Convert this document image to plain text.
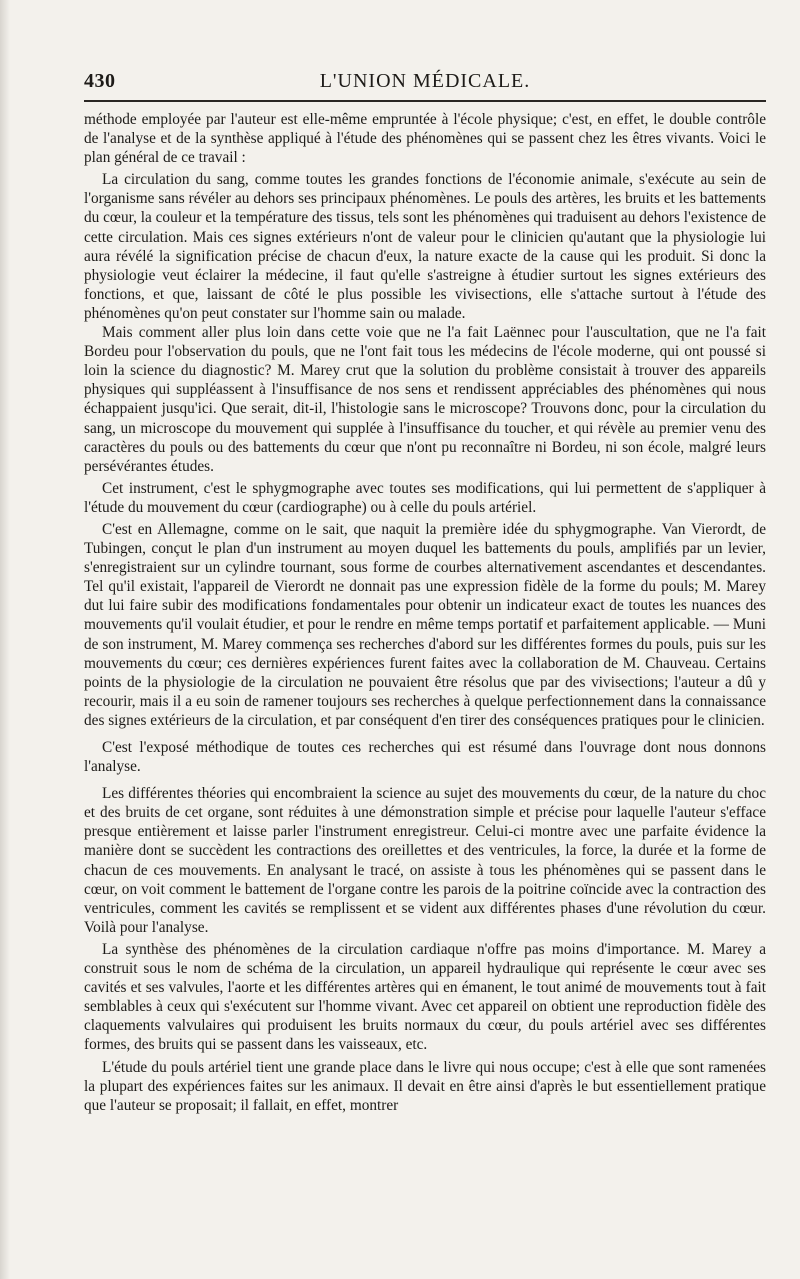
430	L'UNION MÉDICALE.

méthode employée par l'auteur est elle-même empruntée à l'école physique; c'est, en effet, le double contrôle de l'analyse et de la synthèse appliqué à l'étude des phénomènes qui se passent chez les êtres vivants. Voici le plan général de ce travail :

La circulation du sang, comme toutes les grandes fonctions de l'économie animale, s'exécute au sein de l'organisme sans révéler au dehors ses principaux phénomènes. Le pouls des artères, les bruits et les battements du cœur, la couleur et la température des tissus, tels sont les phénomènes qui traduisent au dehors l'existence de cette circulation. Mais ces signes extérieurs n'ont de valeur pour le clinicien qu'autant que la physiologie lui aura révélé la signification précise de chacun d'eux, la nature exacte de la cause qui les produit. Si donc la physiologie veut éclairer la médecine, il faut qu'elle s'astreigne à étudier surtout les signes extérieurs des fonctions, et que, laissant de côté le plus possible les vivisections, elle s'attache surtout à l'étude des phénomènes qu'on peut constater sur l'homme sain ou malade.

Mais comment aller plus loin dans cette voie que ne l'a fait Laënnec pour l'auscultation, que ne l'a fait Bordeu pour l'observation du pouls, que ne l'ont fait tous les médecins de l'école moderne, qui ont poussé si loin la science du diagnostic? M. Marey crut que la solution du problème consistait à trouver des appareils physiques qui suppléassent à l'insuffisance de nos sens et rendissent appréciables des phénomènes qui nous échappaient jusqu'ici. Que serait, dit-il, l'histologie sans le microscope? Trouvons donc, pour la circulation du sang, un microscope du mouvement qui supplée à l'insuffisance du toucher, et qui révèle au premier venu des caractères du pouls ou des battements du cœur que n'ont pu reconnaître ni Bordeu, ni son école, malgré leurs persévérantes études.

Cet instrument, c'est le sphygmographe avec toutes ses modifications, qui lui permettent de s'appliquer à l'étude du mouvement du cœur (cardiographe) ou à celle du pouls artériel.

C'est en Allemagne, comme on le sait, que naquit la première idée du sphygmographe. Van Vierordt, de Tubingen, conçut le plan d'un instrument au moyen duquel les battements du pouls, amplifiés par un levier, s'enregistraient sur un cylindre tournant, sous forme de courbes alternativement ascendantes et descendantes. Tel qu'il existait, l'appareil de Vierordt ne donnait pas une expression fidèle de la forme du pouls; M. Marey dut lui faire subir des modifications fondamentales pour obtenir un indicateur exact de toutes les nuances des mouvements qu'il voulait étudier, et pour le rendre en même temps portatif et parfaitement applicable. — Muni de son instrument, M. Marey commença ses recherches d'abord sur les différentes formes du pouls, puis sur les mouvements du cœur; ces dernières expériences furent faites avec la collaboration de M. Chauveau. Certains points de la physiologie de la circulation ne pouvaient être résolus que par des vivisections; l'auteur a dû y recourir, mais il a eu soin de ramener toujours ses recherches à quelque perfectionnement dans la connaissance des signes extérieurs de la circulation, et par conséquent d'en tirer des conséquences pratiques pour le clinicien.

C'est l'exposé méthodique de toutes ces recherches qui est résumé dans l'ouvrage dont nous donnons l'analyse.

Les différentes théories qui encombraient la science au sujet des mouvements du cœur, de la nature du choc et des bruits de cet organe, sont réduites à une démonstration simple et précise pour laquelle l'auteur s'efface presque entièrement et laisse parler l'instrument enregistreur. Celui-ci montre avec une parfaite évidence la manière dont se succèdent les contractions des oreillettes et des ventricules, la force, la durée et la forme de chacun de ces mouvements. En analysant le tracé, on assiste à tous les phénomènes qui se passent dans le cœur, on voit comment le battement de l'organe contre les parois de la poitrine coïncide avec la contraction des ventricules, comment les cavités se remplissent et se vident aux différentes phases d'une révolution du cœur. Voilà pour l'analyse.

La synthèse des phénomènes de la circulation cardiaque n'offre pas moins d'importance. M. Marey a construit sous le nom de schéma de la circulation, un appareil hydraulique qui représente le cœur avec ses cavités et ses valvules, l'aorte et les différentes artères qui en émanent, le tout animé de mouvements tout à fait semblables à ceux qui s'exécutent sur l'homme vivant. Avec cet appareil on obtient une reproduction fidèle des claquements valvulaires qui produisent les bruits normaux du cœur, du pouls artériel avec ses différentes formes, des bruits qui se passent dans les vaisseaux, etc.

L'étude du pouls artériel tient une grande place dans le livre qui nous occupe; c'est à elle que sont ramenées la plupart des expériences faites sur les animaux. Il devait en être ainsi d'après le but essentiellement pratique que l'auteur se proposait; il fallait, en effet, montrer
